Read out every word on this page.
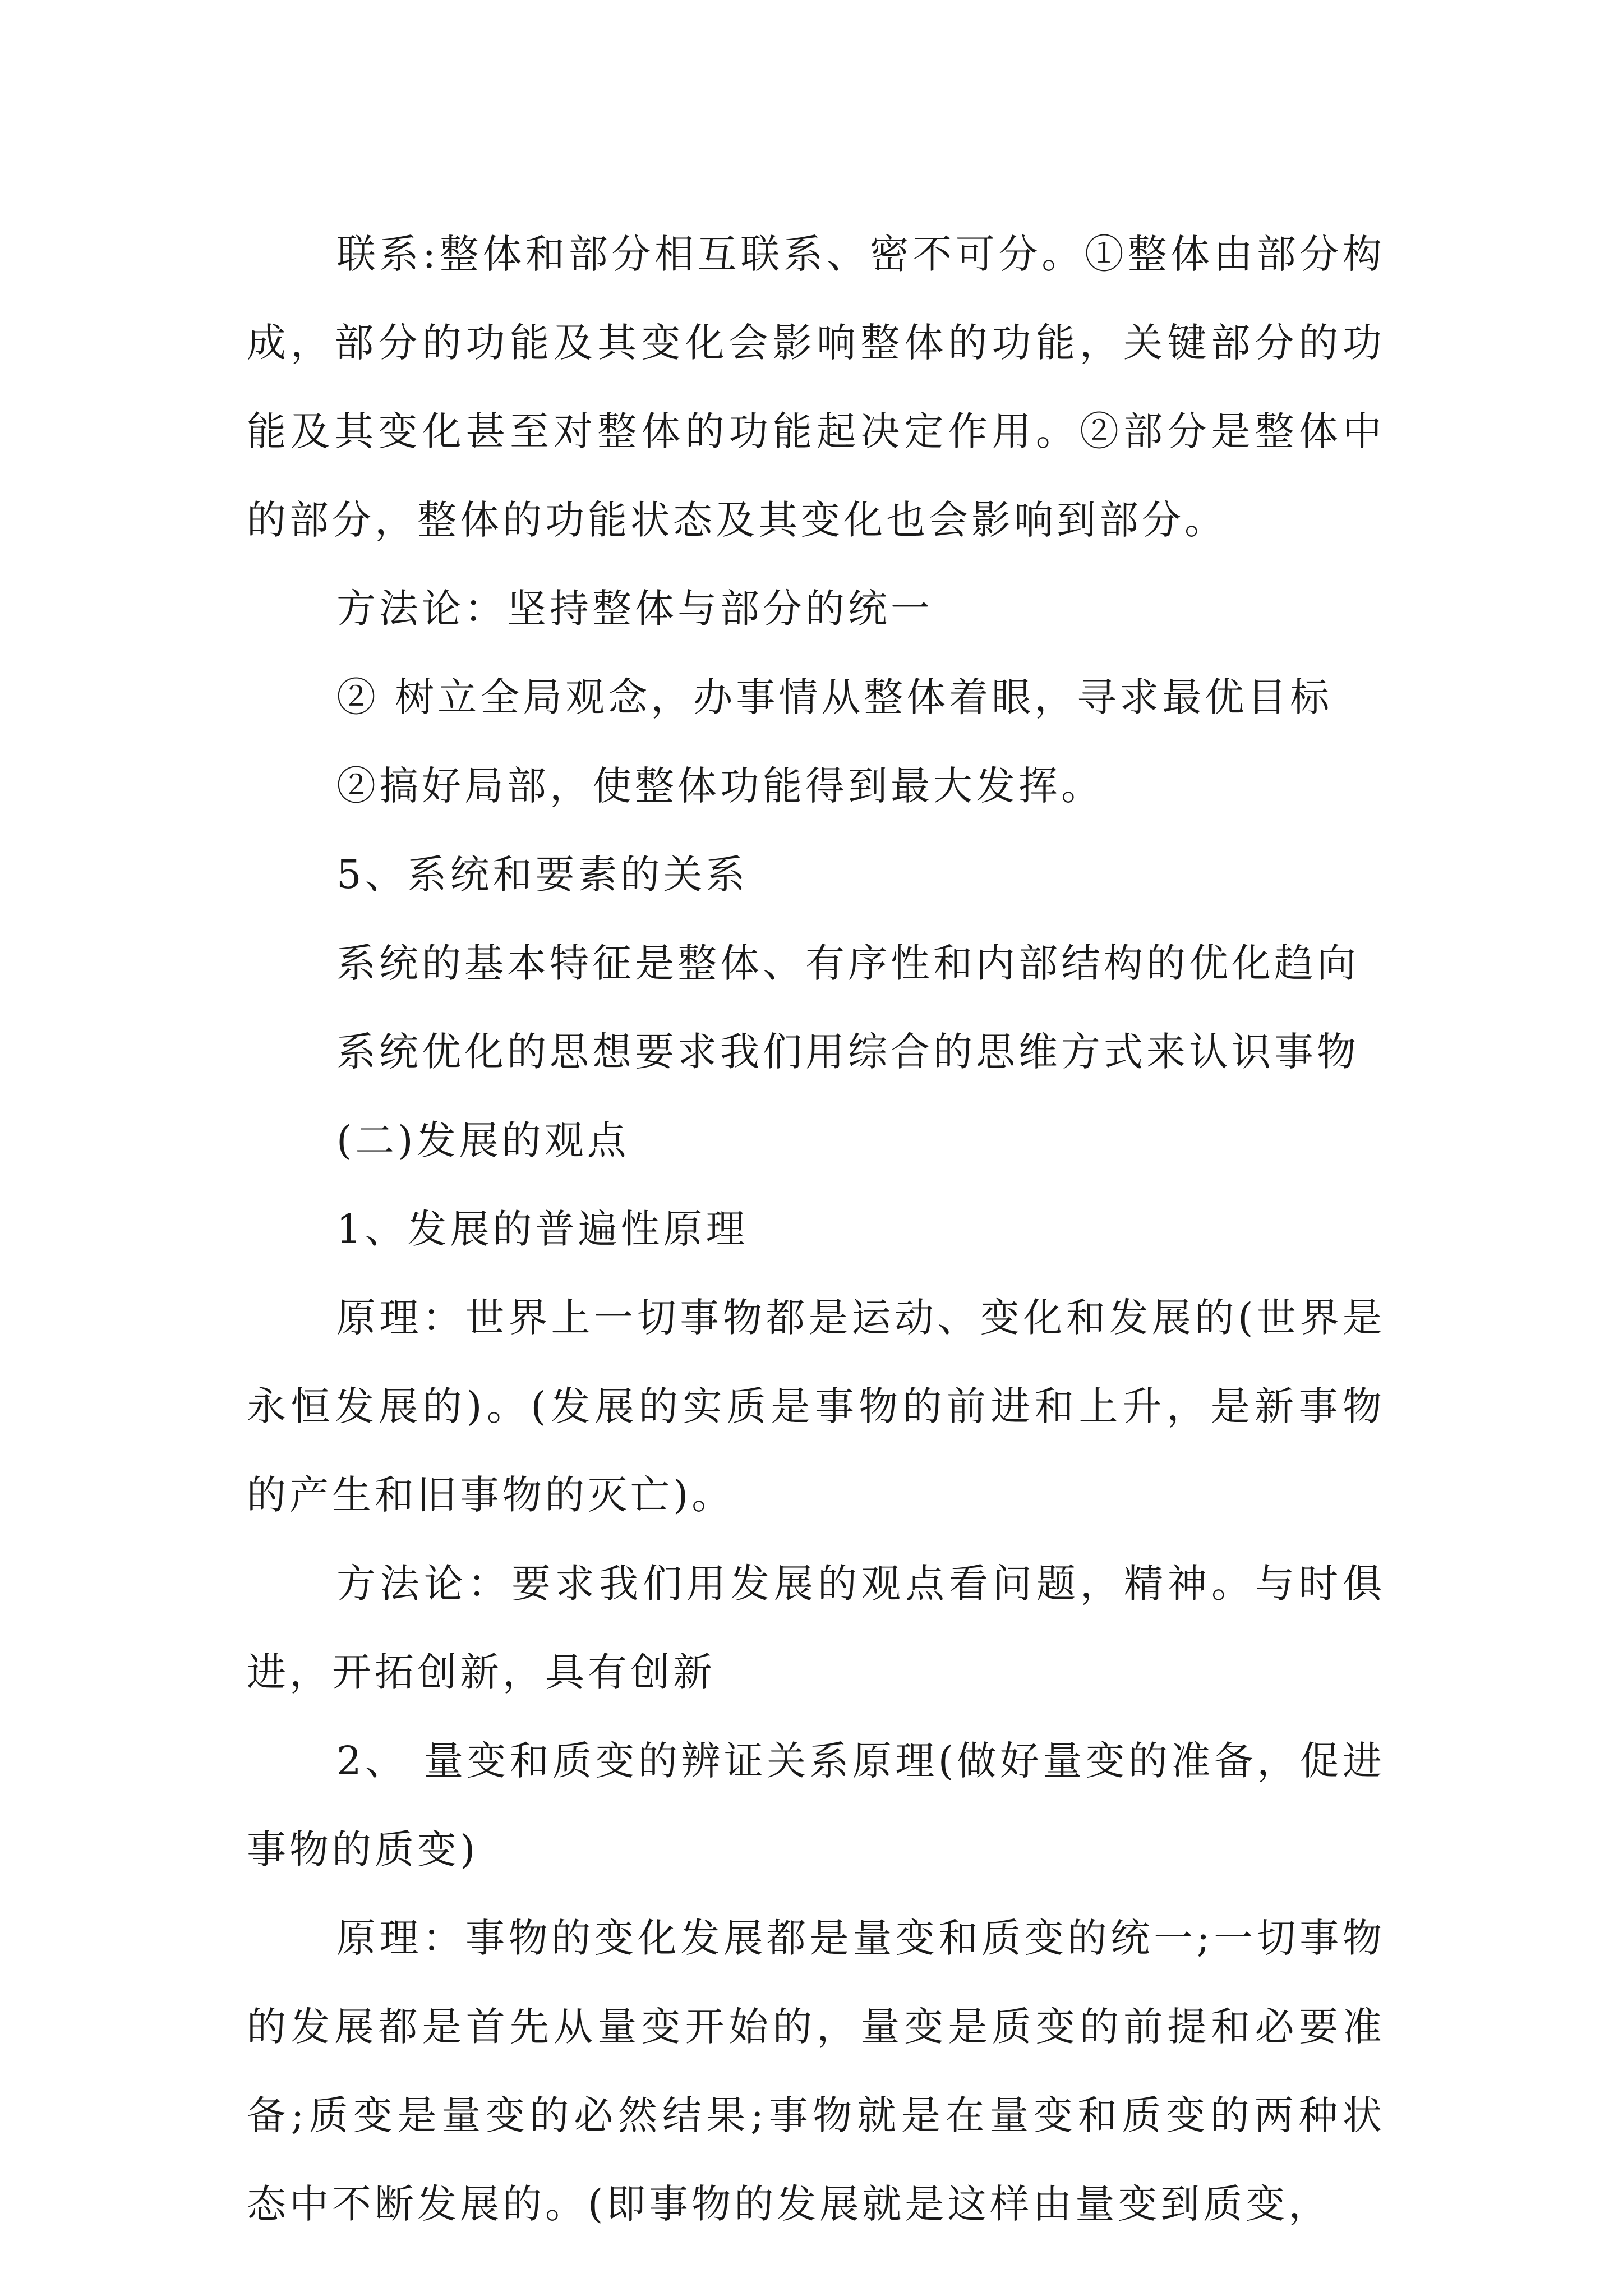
联系:整体和部分相互联系、密不可分。①整体由部分构成，部分的功能及其变化会影响整体的功能，关键部分的功能及其变化甚至对整体的功能起决定作用。②部分是整体中的部分，整体的功能状态及其变化也会影响到部分。

方法论：坚持整体与部分的统一

② 树立全局观念，办事情从整体着眼，寻求最优目标

②搞好局部，使整体功能得到最大发挥。

5、系统和要素的关系

系统的基本特征是整体、有序性和内部结构的优化趋向

系统优化的思想要求我们用综合的思维方式来认识事物

(二)发展的观点

1、发展的普遍性原理

原理：世界上一切事物都是运动、变化和发展的(世界是永恒发展的)。(发展的实质是事物的前进和上升，是新事物的产生和旧事物的灭亡)。

方法论：要求我们用发展的观点看问题，精神。与时俱进，开拓创新，具有创新

2、 量变和质变的辨证关系原理(做好量变的准备，促进事物的质变)

原理：事物的变化发展都是量变和质变的统一;一切事物的发展都是首先从量变开始的，量变是质变的前提和必要准备;质变是量变的必然结果;事物就是在量变和质变的两种状态中不断发展的。(即事物的发展就是这样由量变到质变，
